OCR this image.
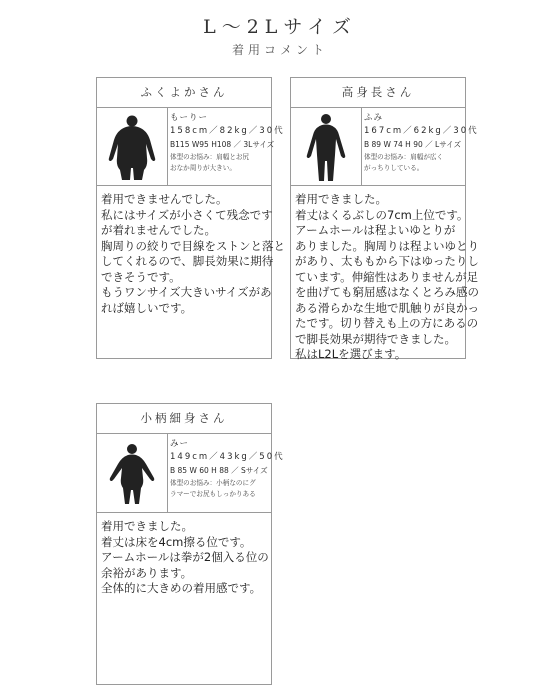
L～2Lサイズ
着用コメント
ふくよかさん
もーりー
158cm／82kg／30代
B115 W95 H108 ／ 3Lサイズ
体型のお悩み：肩幅とお尻
おなか周りが大きい。
着用できませんでした。
私にはサイズが小さくて残念です
が着れませんでした。
胸周りの絞りで目線をストンと落と
してくれるので、脚長効果に期待
できそうです。
もうワンサイズ大きいサイズがあ
れば嬉しいです。
高身長さん
ふみ
167cm／62kg／30代
B 89 W 74 H 90 ／ Lサイズ
体型のお悩み：肩幅が広く
がっちりしている。
着用できました。
着丈はくるぶしの7cm上位です。
アームホールは程よいゆとりが
ありました。胸周りは程よいゆとり
があり、太ももから下はゆったりし
ています。伸縮性はありませんが足
を曲げても窮屈感はなくとろみ感の
ある滑らかな生地で肌触りが良かっ
たです。切り替えも上の方にあるの
で脚長効果が期待できました。
私はL2Lを選びます。
小柄細身さん
みー
149cm／43kg／50代
B 85 W 60 H 88 ／ Sサイズ
体型のお悩み：小柄なのにグ
ラマーでお尻もしっかりある
着用できました。
着丈は床を4cm擦る位です。
アームホールは拳が2個入る位の
余裕があります。
全体的に大きめの着用感です。
